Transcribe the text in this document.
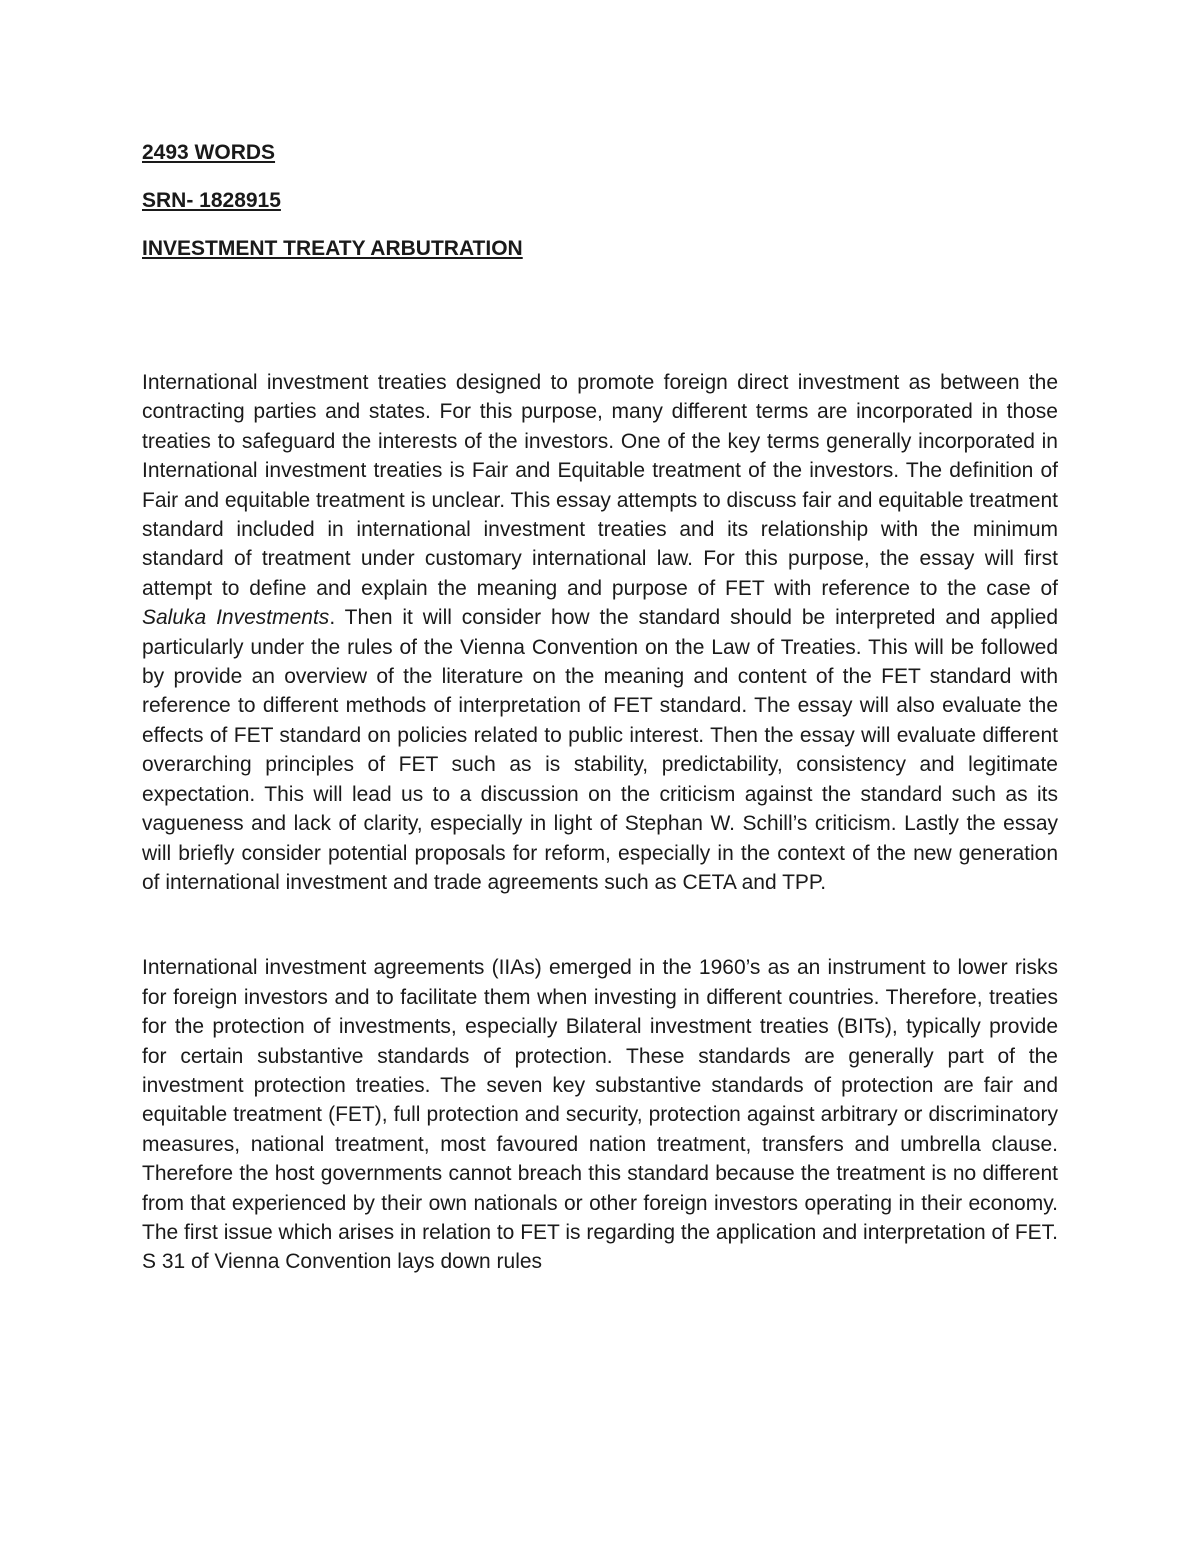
2493 WORDS

SRN- 1828915

INVESTMENT TREATY ARBUTRATION

International investment treaties designed to promote foreign direct investment as between the contracting parties and states. For this purpose, many different terms are incorporated in those treaties to safeguard the interests of the investors. One of the key terms generally incorporated in International investment treaties is Fair and Equitable treatment of the investors. The definition of Fair and equitable treatment is unclear. This essay attempts to discuss fair and equitable treatment standard included in international investment treaties and its relationship with the minimum standard of treatment under customary international law. For this purpose, the essay will first attempt to define and explain the meaning and purpose of FET with reference to the case of Saluka Investments. Then it will consider how the standard should be interpreted and applied particularly under the rules of the Vienna Convention on the Law of Treaties. This will be followed by provide an overview of the literature on the meaning and content of the FET standard with reference to different methods of interpretation of FET standard. The essay will also evaluate the effects of FET standard on policies related to public interest. Then the essay will evaluate different overarching principles of FET such as is stability, predictability, consistency and legitimate expectation. This will lead us to a discussion on the criticism against the standard such as its vagueness and lack of clarity, especially in light of Stephan W. Schill’s criticism. Lastly the essay will briefly consider potential proposals for reform, especially in the context of the new generation of international investment and trade agreements such as CETA and TPP.

International investment agreements (IIAs) emerged in the 1960’s as an instrument to lower risks for foreign investors and to facilitate them when investing in different countries. Therefore, treaties for the protection of investments, especially Bilateral investment treaties (BITs), typically provide for certain substantive standards of protection. These standards are generally part of the investment protection treaties. The seven key substantive standards of protection are fair and equitable treatment (FET), full protection and security, protection against arbitrary or discriminatory measures, national treatment, most favoured nation treatment, transfers and umbrella clause. Therefore the host governments cannot breach this standard because the treatment is no different from that experienced by their own nationals or other foreign investors operating in their economy. The first issue which arises in relation to FET is regarding the application and interpretation of FET. S 31 of Vienna Convention lays down rules
